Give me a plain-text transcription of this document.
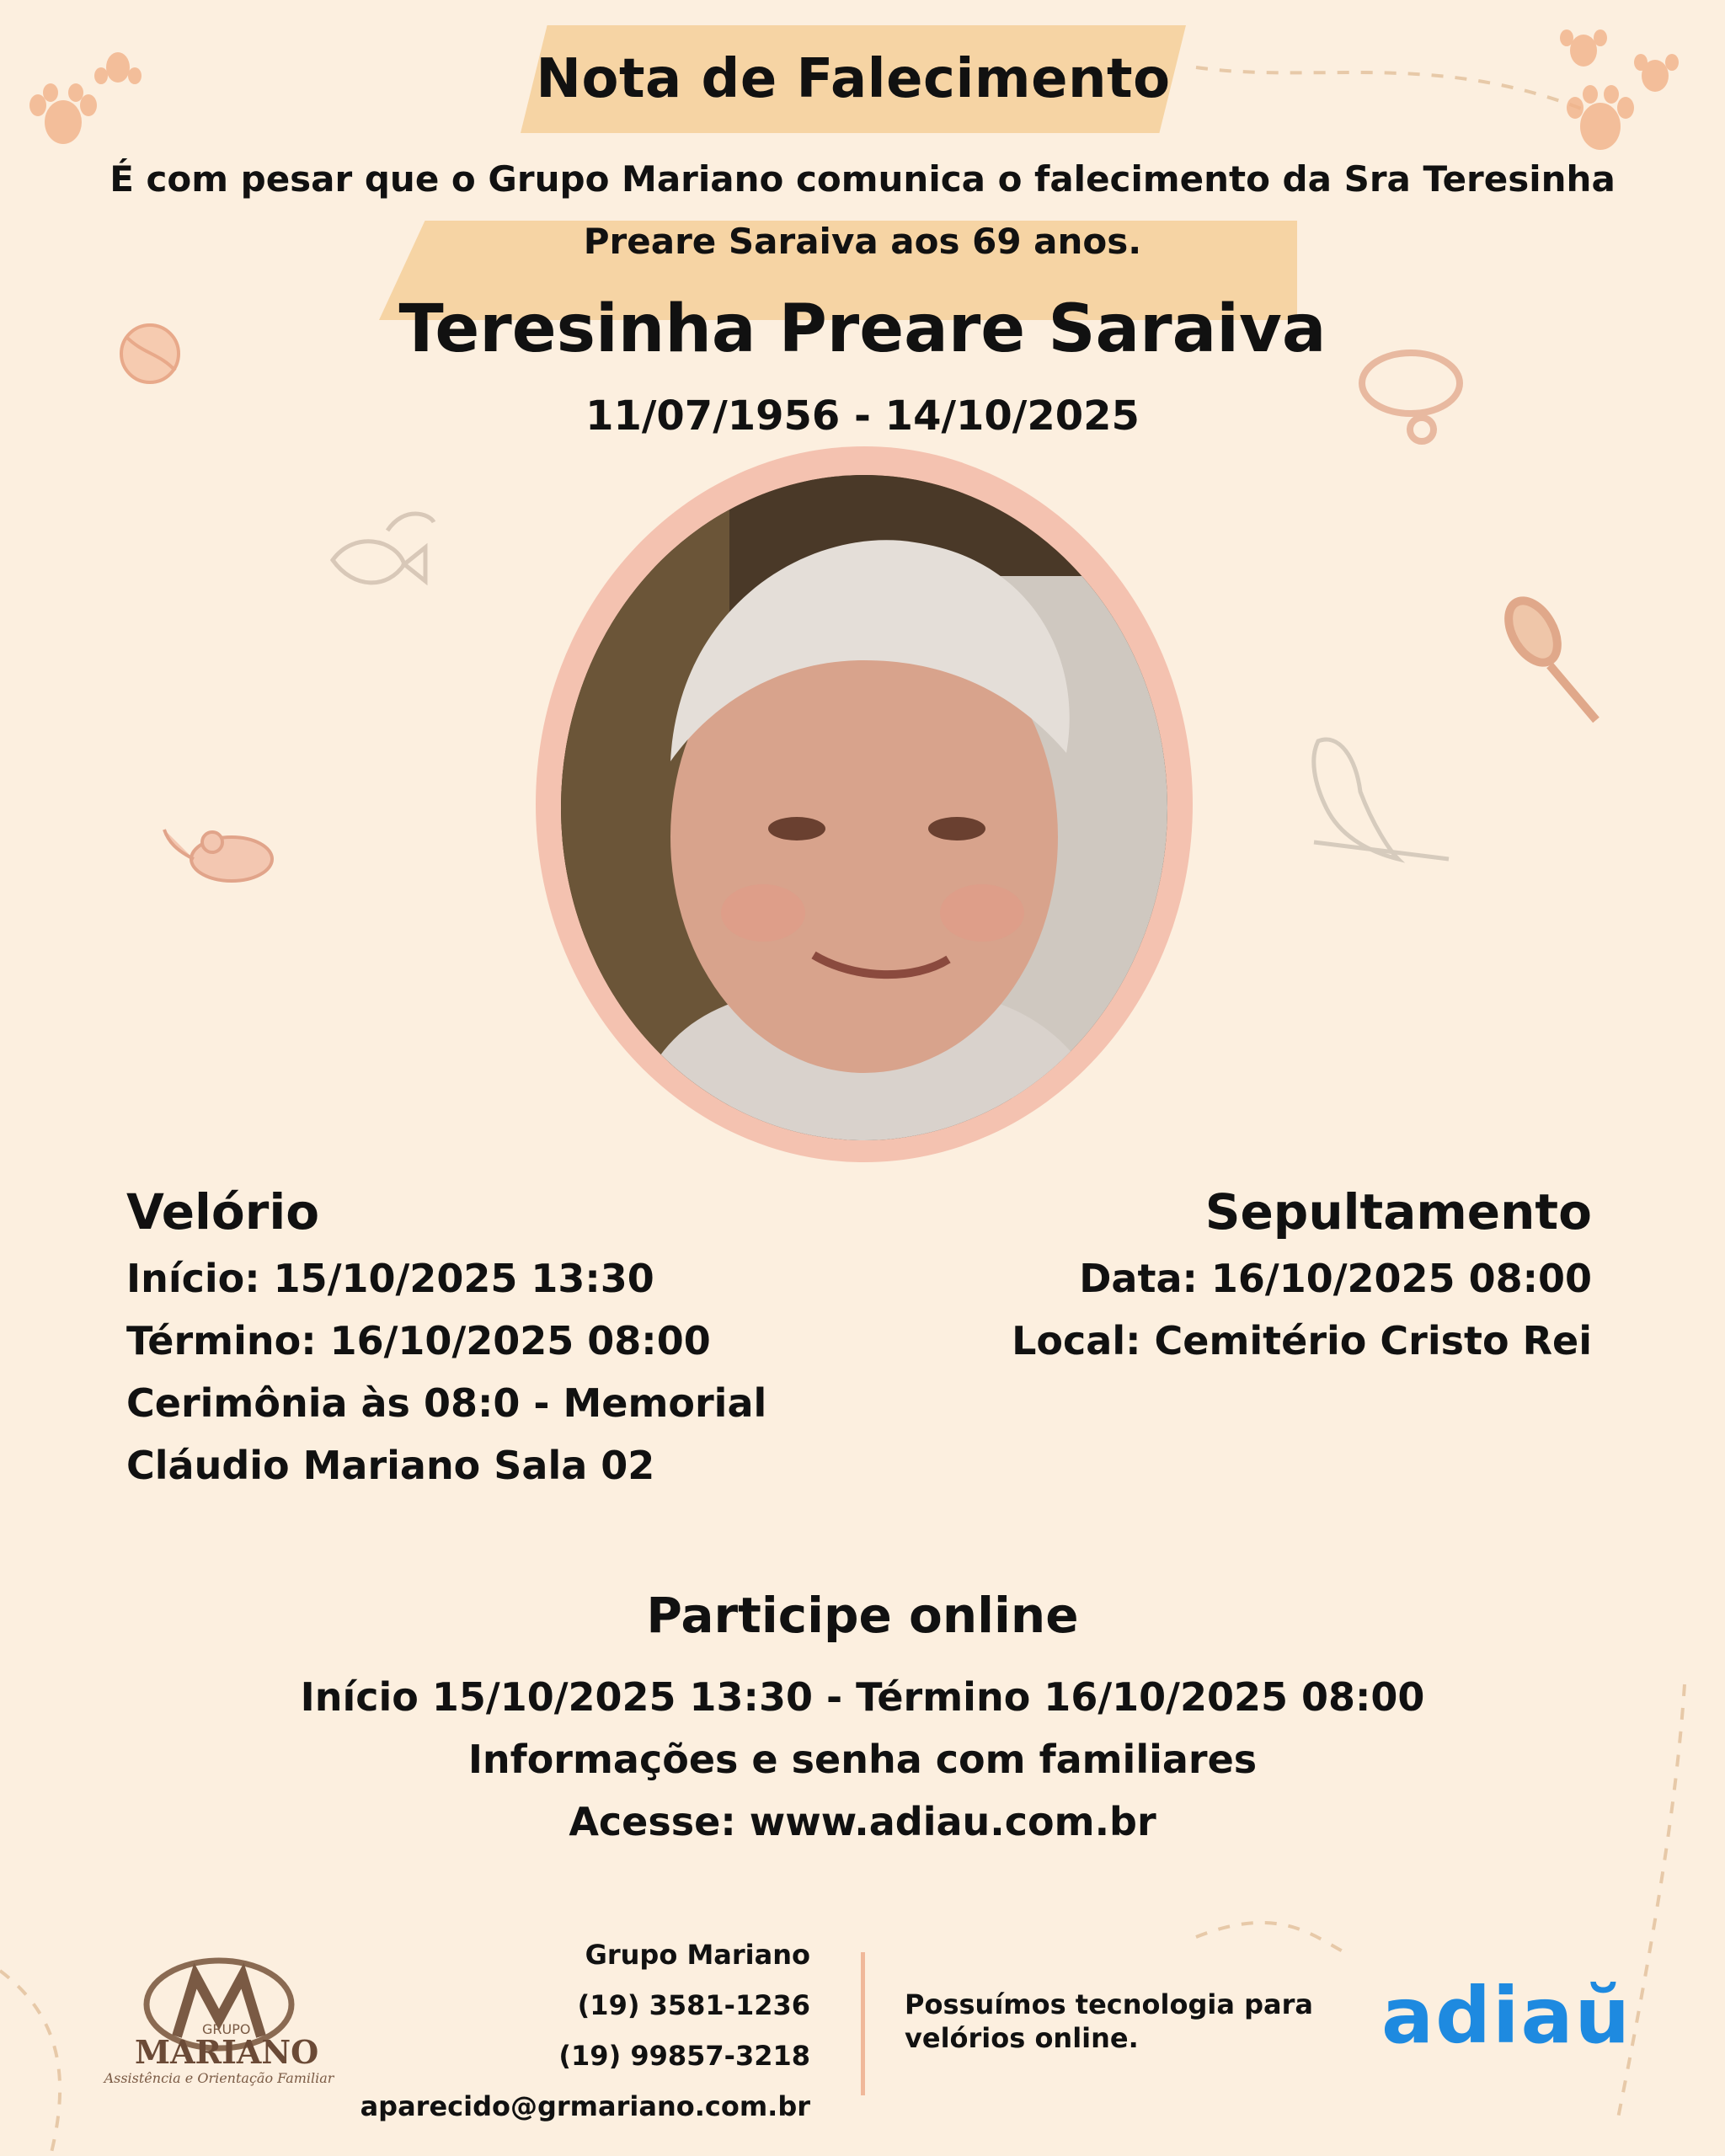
Nota de Falecimento
É com pesar que o Grupo Mariano comunica o falecimento da Sra Teresinha Preare Saraiva aos 69 anos.
Teresinha Preare Saraiva
11/07/1956 - 14/10/2025
Velório
Início: 15/10/2025 13:30
Término: 16/10/2025 08:00
Cerimônia às 08:0 - Memorial
Cláudio Mariano Sala 02
Sepultamento
Data: 16/10/2025 08:00
Local: Cemitério Cristo Rei
Participe online
Início 15/10/2025 13:30 - Término 16/10/2025 08:00
Informações e senha com familiares
Acesse: www.adiau.com.br
GRUPO
MARIANO
Assistência e Orientação Familiar
Grupo Mariano
(19) 3581-1236
(19) 99857-3218
aparecido@grmariano.com.br
Possuímos tecnologia para velórios online.	adiaŭ
